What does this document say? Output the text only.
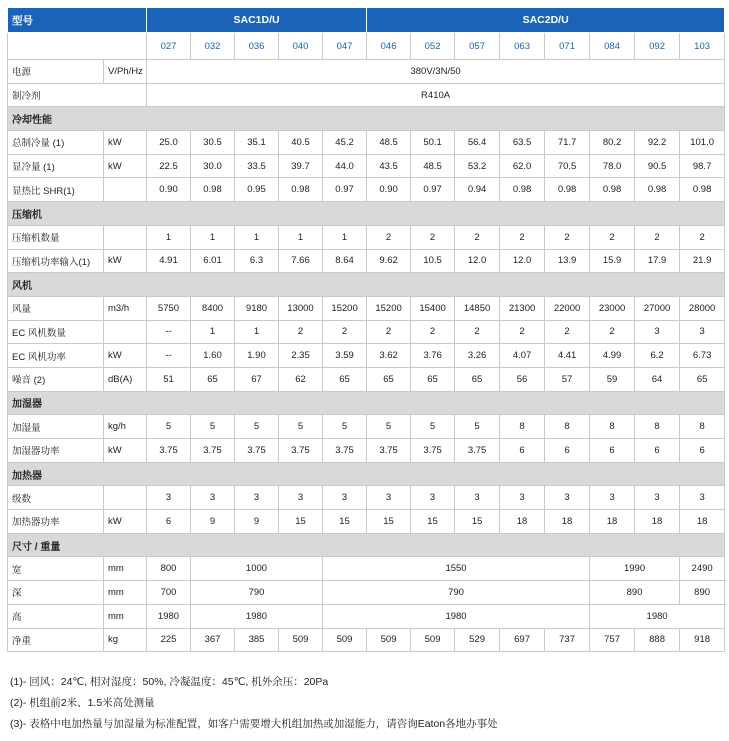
型号		SAC1D/U					SAC2D/U							
		027	032	036	040	047	046	052	057	063	071	084	092	103
电源	V/Ph/Hz	380V/3N/50												
制冷剂		R410A												
冷却性能														
总制冷量 (1)	kW	25.0	30.5	35.1	40.5	45.2	48.5	50.1	56.4	63.5	71.7	80.2	92.2	101.0
显冷量 (1)	kW	22.5	30.0	33.5	39.7	44.0	43.5	48.5	53.2	62.0	70.5	78.0	90.5	98.7
显热比 SHR(1)		0.90	0.98	0.95	0.98	0.97	0.90	0.97	0.94	0.98	0.98	0.98	0.98	0.98
压缩机														
压缩机数量		1	1	1	1	1	2	2	2	2	2	2	2	2
压缩机功率输入(1)	kW	4.91	6.01	6.3	7.66	8.64	9.62	10.5	12.0	12.0	13.9	15.9	17.9	21.9
风机														
风量	m3/h	5750	8400	9180	13000	15200	15200	15400	14850	21300	22000	23000	27000	28000
EC 风机数量		--	1	1	2	2	2	2	2	2	2	2	3	3
EC 风机功率	kW	--	1.60	1.90	2.35	3.59	3.62	3.76	3.26	4.07	4.41	4.99	6.2	6.73
噪音 (2)	dB(A)	51	65	67	62	65	65	65	65	56	57	59	64	65
加湿器														
加湿量	kg/h	5	5	5	5	5	5	5	5	8	8	8	8	8
加湿器功率	kW	3.75	3.75	3.75	3.75	3.75	3.75	3.75	3.75	6	6	6	6	6
加热器														
级数		3	3	3	3	3	3	3	3	3	3	3	3	3
加热器功率	kW	6	9	9	15	15	15	15	15	18	18	18	18	18
尺寸 / 重量														
宽	mm	800	1000			1550						1990		2490
深	mm	700	790			790						890		890
高	mm	1980	1980			1980						1980		
净重	kg	225	367	385	509	509	509	509	529	697	737	757	888	918
(1)- 回风：24℃, 相对湿度：50%, 冷凝温度：45℃, 机外余压：20Pa
(2)- 机组前2米、1.5米高处测量
(3)- 表格中电加热量与加湿量为标准配置，如客户需要增大机组加热或加湿能力，请咨询Eaton各地办事处
